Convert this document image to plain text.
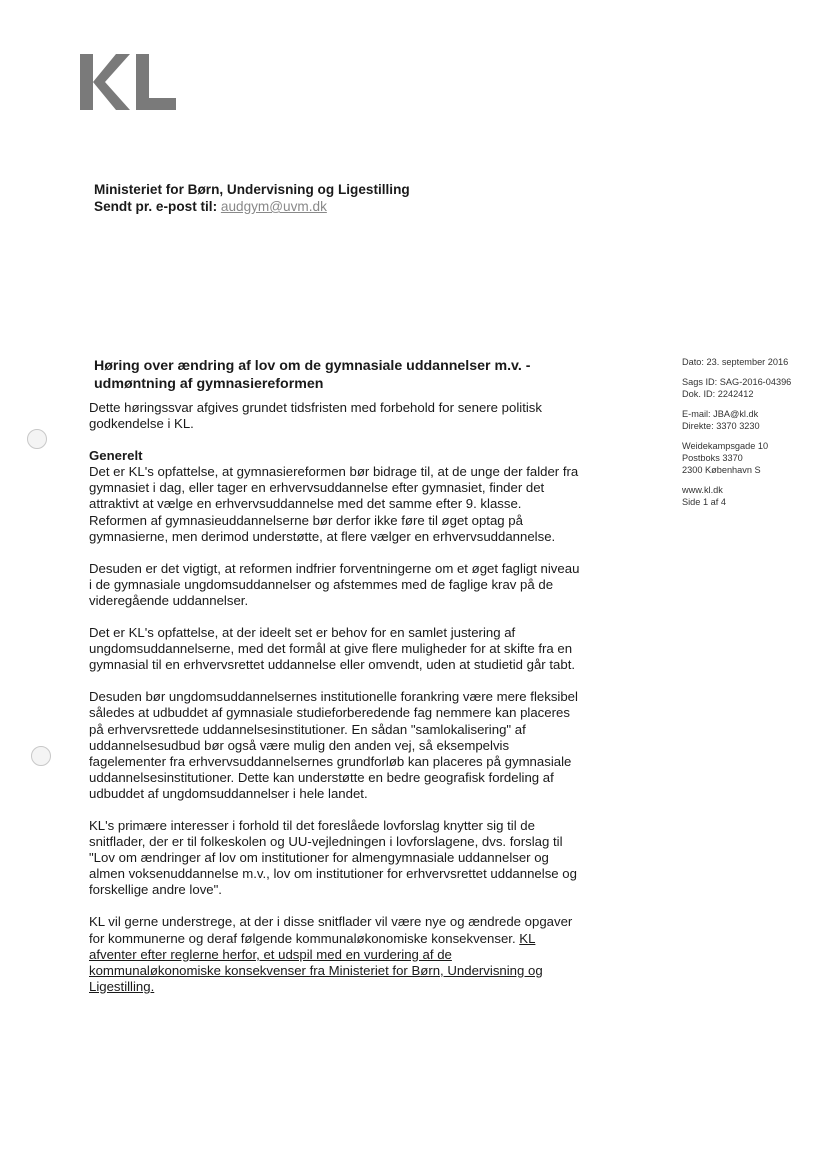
Ministeriet for Børn, Undervisning og Ligestilling
Sendt pr. e-post til: audgym@uvm.dk
Høring over ændring af lov om de gymnasiale uddannelser m.v. -
udmøntning af gymnasiereformen

Dette høringssvar afgives grundet tidsfristen med forbehold for senere politisk godkendelse i KL.

Generelt

Det er KL's opfattelse, at gymnasiereformen bør bidrage til, at de unge der falder fra gymnasiet i dag, eller tager en erhvervsuddannelse efter gymnasiet, finder det attraktivt at vælge en erhvervsuddannelse med det samme efter 9. klasse. Reformen af gymnasieuddannelserne bør derfor ikke føre til øget optag på gymnasierne, men derimod understøtte, at flere vælger en erhvervsuddannelse.

Desuden er det vigtigt, at reformen indfrier forventningerne om et øget fagligt niveau i de gymnasiale ungdomsuddannelser og afstemmes med de faglige krav på de videregående uddannelser.

Det er KL's opfattelse, at der ideelt set er behov for en samlet justering af ungdomsuddannelserne, med det formål at give flere muligheder for at skifte fra en gymnasial til en erhvervsrettet uddannelse eller omvendt, uden at studietid går tabt.

Desuden bør ungdomsuddannelsernes institutionelle forankring være mere fleksibel således at udbuddet af gymnasiale studieforberedende fag nemmere kan placeres på erhvervsrettede uddannelsesinstitutioner. En sådan "samlokalisering" af uddannelsesudbud bør også være mulig den anden vej, så eksempelvis fagelementer fra erhvervsuddannelsernes grundforløb kan placeres på gymnasiale uddannelsesinstitutioner. Dette kan understøtte en bedre geografisk fordeling af udbuddet af ungdomsuddannelser i hele landet.

KL's primære interesser i forhold til det foreslåede lovforslag knytter sig til de snitflader, der er til folkeskolen og UU-vejledningen i lovforslagene, dvs. forslag til "Lov om ændringer af lov om institutioner for almengymnasiale uddannelser og almen voksenuddannelse m.v., lov om institutioner for erhvervsrettet uddannelse og forskellige andre love".

KL vil gerne understrege, at der i disse snitflader vil være nye og ændrede opgaver for kommunerne og deraf følgende kommunaløkonomiske konsekvenser. KL afventer efter reglerne herfor, et udspil med en vurdering af de kommunaløkonomiske konsekvenser fra Ministeriet for Børn, Undervisning og Ligestilling.

Dato: 23. september 2016
Sags ID: SAG-2016-04396
Dok. ID: 2242412
E-mail: JBA@kl.dk
Direkte: 3370 3230
Weidekampsgade 10
Postboks 3370
2300 København S
www.kl.dk
Side 1 af 4
